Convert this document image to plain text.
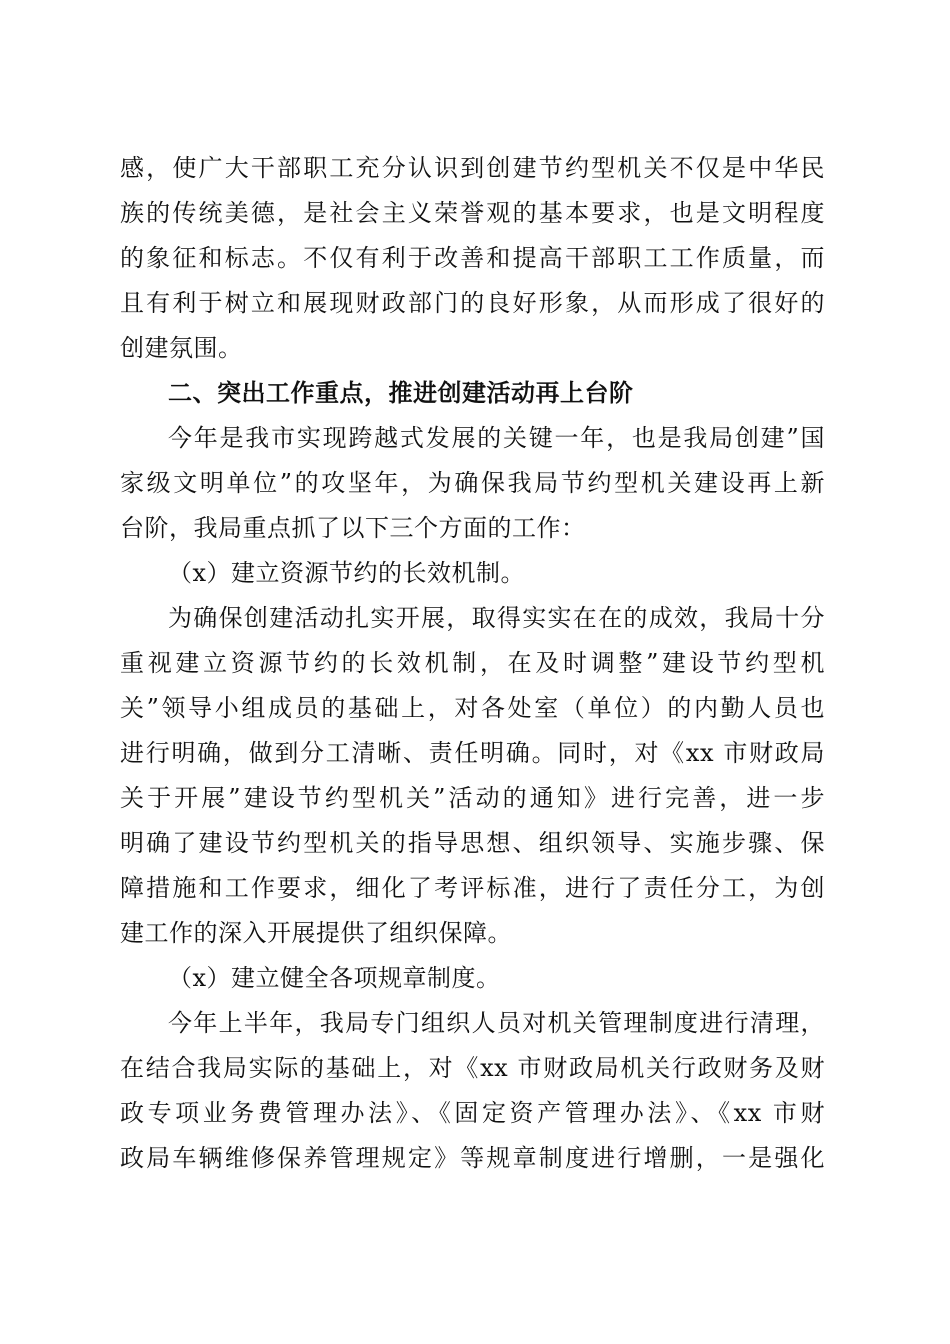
感，使广大干部职工充分认识到创建节约型机关不仅是中华民
族的传统美德，是社会主义荣誉观的基本要求，也是文明程度
的象征和标志。不仅有利于改善和提高干部职工工作质量，而
且有利于树立和展现财政部门的良好形象，从而形成了很好的
创建氛围。
二、突出工作重点，推进创建活动再上台阶
今年是我市实现跨越式发展的关键一年，也是我局创建”国
家级文明单位”的攻坚年，为确保我局节约型机关建设再上新
台阶，我局重点抓了以下三个方面的工作：
（x）建立资源节约的长效机制。
为确保创建活动扎实开展，取得实实在在的成效，我局十分
重视建立资源节约的长效机制，在及时调整”建设节约型机
关”领导小组成员的基础上，对各处室（单位）的内勤人员也
进行明确，做到分工清晰、责任明确。同时，对《xx 市财政局
关于开展”建设节约型机关”活动的通知》进行完善，进一步
明确了建设节约型机关的指导思想、组织领导、实施步骤、保
障措施和工作要求，细化了考评标准，进行了责任分工，为创
建工作的深入开展提供了组织保障。
（x）建立健全各项规章制度。
今年上半年，我局专门组织人员对机关管理制度进行清理，
在结合我局实际的基础上，对《xx 市财政局机关行政财务及财
政专项业务费管理办法》、《固定资产管理办法》、《xx 市财
政局车辆维修保养管理规定》等规章制度进行增删，一是强化
